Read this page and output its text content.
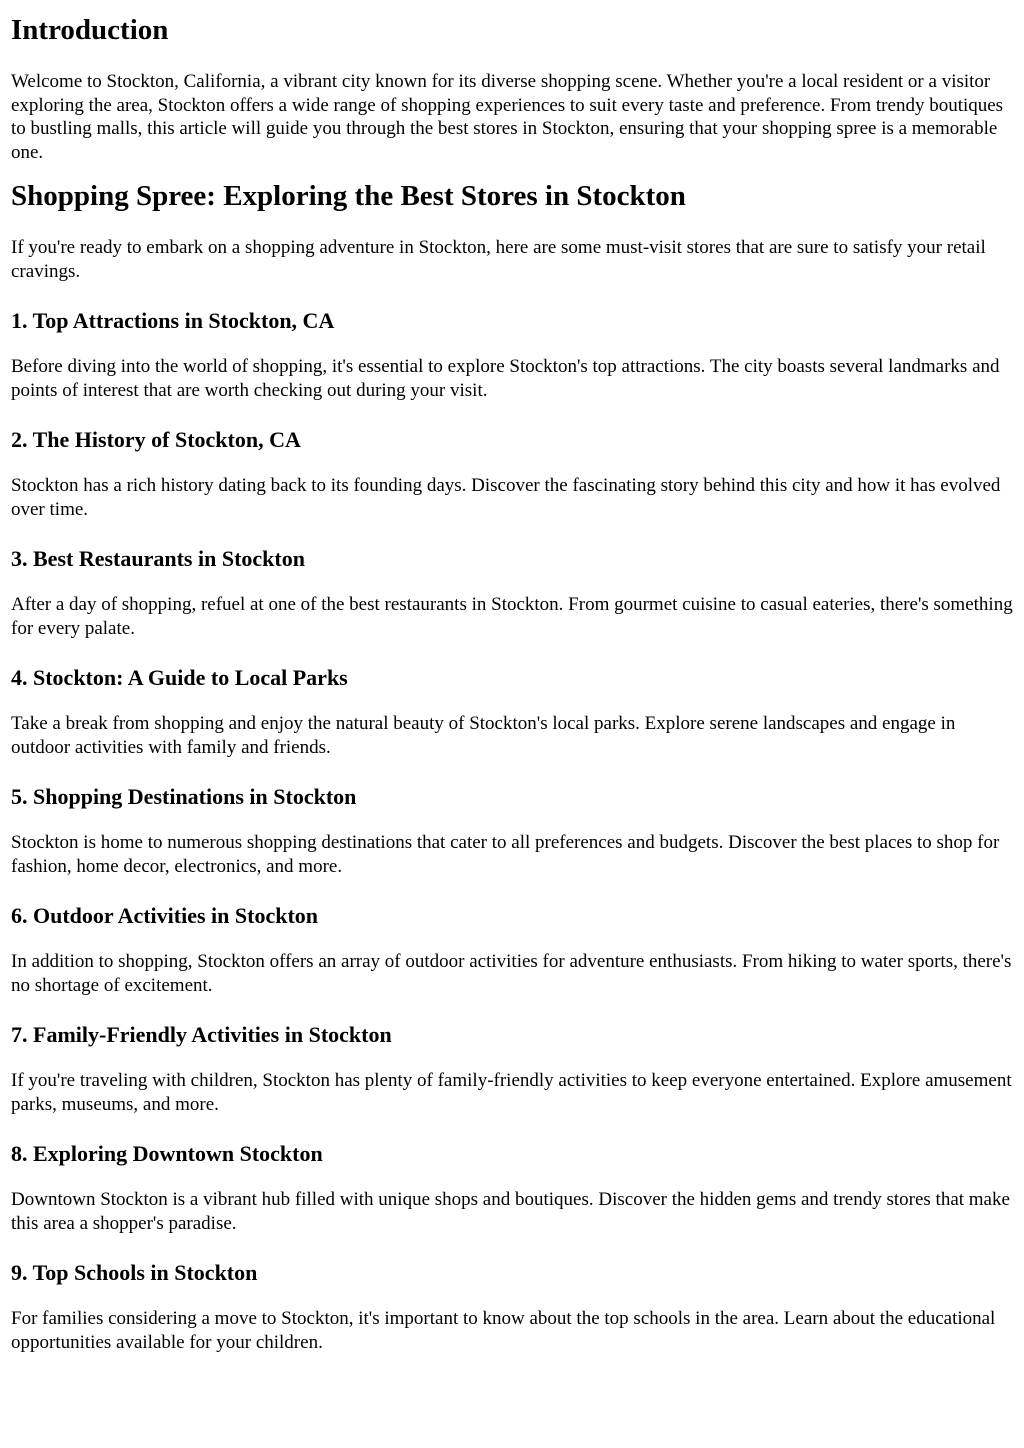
Introduction

Welcome to Stockton, California, a vibrant city known for its diverse shopping scene. Whether you're a local resident or a visitor exploring the area, Stockton offers a wide range of shopping experiences to suit every taste and preference. From trendy boutiques to bustling malls, this article will guide you through the best stores in Stockton, ensuring that your shopping spree is a memorable one.

Shopping Spree: Exploring the Best Stores in Stockton

If you're ready to embark on a shopping adventure in Stockton, here are some must-visit stores that are sure to satisfy your retail cravings.

1. Top Attractions in Stockton, CA

Before diving into the world of shopping, it's essential to explore Stockton's top attractions. The city boasts several landmarks and points of interest that are worth checking out during your visit.

2. The History of Stockton, CA

Stockton has a rich history dating back to its founding days. Discover the fascinating story behind this city and how it has evolved over time.

3. Best Restaurants in Stockton

After a day of shopping, refuel at one of the best restaurants in Stockton. From gourmet cuisine to casual eateries, there's something for every palate.

4. Stockton: A Guide to Local Parks

Take a break from shopping and enjoy the natural beauty of Stockton's local parks. Explore serene landscapes and engage in outdoor activities with family and friends.

5. Shopping Destinations in Stockton

Stockton is home to numerous shopping destinations that cater to all preferences and budgets. Discover the best places to shop for fashion, home decor, electronics, and more.

6. Outdoor Activities in Stockton

In addition to shopping, Stockton offers an array of outdoor activities for adventure enthusiasts. From hiking to water sports, there's no shortage of excitement.

7. Family-Friendly Activities in Stockton

If you're traveling with children, Stockton has plenty of family-friendly activities to keep everyone entertained. Explore amusement parks, museums, and more.

8. Exploring Downtown Stockton

Downtown Stockton is a vibrant hub filled with unique shops and boutiques. Discover the hidden gems and trendy stores that make this area a shopper's paradise.

9. Top Schools in Stockton

For families considering a move to Stockton, it's important to know about the top schools in the area. Learn about the educational opportunities available for your children.
